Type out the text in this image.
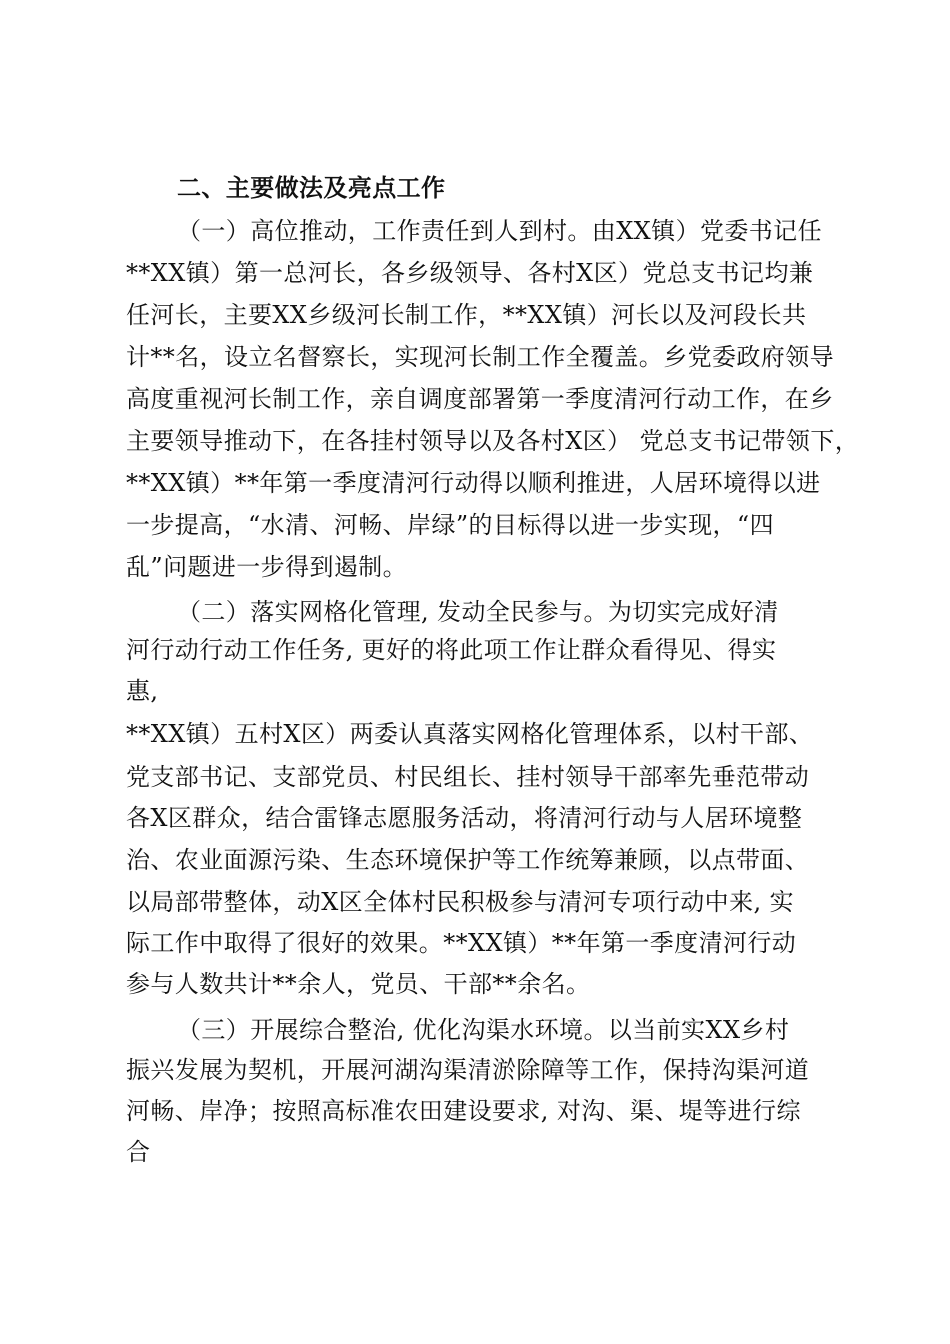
二、主要做法及亮点工作
（一）高位推动，工作责任到人到村。由XX镇）党委书记任
**XX镇）第一总河长，各乡级领导、各村X区）党总支书记均兼
任河长，主要XX乡级河长制工作，**XX镇）河长以及河段长共
计**名，设立名督察长，实现河长制工作全覆盖。乡党委政府领导
高度重视河长制工作，亲自调度部署第一季度清河行动工作，在乡
主要领导推动下，在各挂村领导以及各村X区） 党总支书记带领下，
**XX镇）**年第一季度清河行动得以顺利推进，人居环境得以进
一步提高，“水清、河畅、岸绿”的目标得以进一步实现，“四
乱”问题进一步得到遏制。
（二）落实网格化管理, 发动全民参与。为切实完成好清
河行动行动工作任务, 更好的将此项工作让群众看得见、得实
惠,
**XX镇）五村X区）两委认真落实网格化管理体系，以村干部、
党支部书记、支部党员、村民组长、挂村领导干部率先垂范带动
各X区群众，结合雷锋志愿服务活动，将清河行动与人居环境整
治、农业面源污染、生态环境保护等工作统筹兼顾，以点带面、
以局部带整体，动X区全体村民积极参与清河专项行动中来, 实
际工作中取得了很好的效果。**XX镇）**年第一季度清河行动
参与人数共计**余人，党员、干部**余名。
（三）开展综合整治, 优化沟渠水环境。以当前实XX乡村
振兴发展为契机，开展河湖沟渠清淤除障等工作，保持沟渠河道
河畅、岸净；按照高标准农田建设要求, 对沟、渠、堤等进行综
合
